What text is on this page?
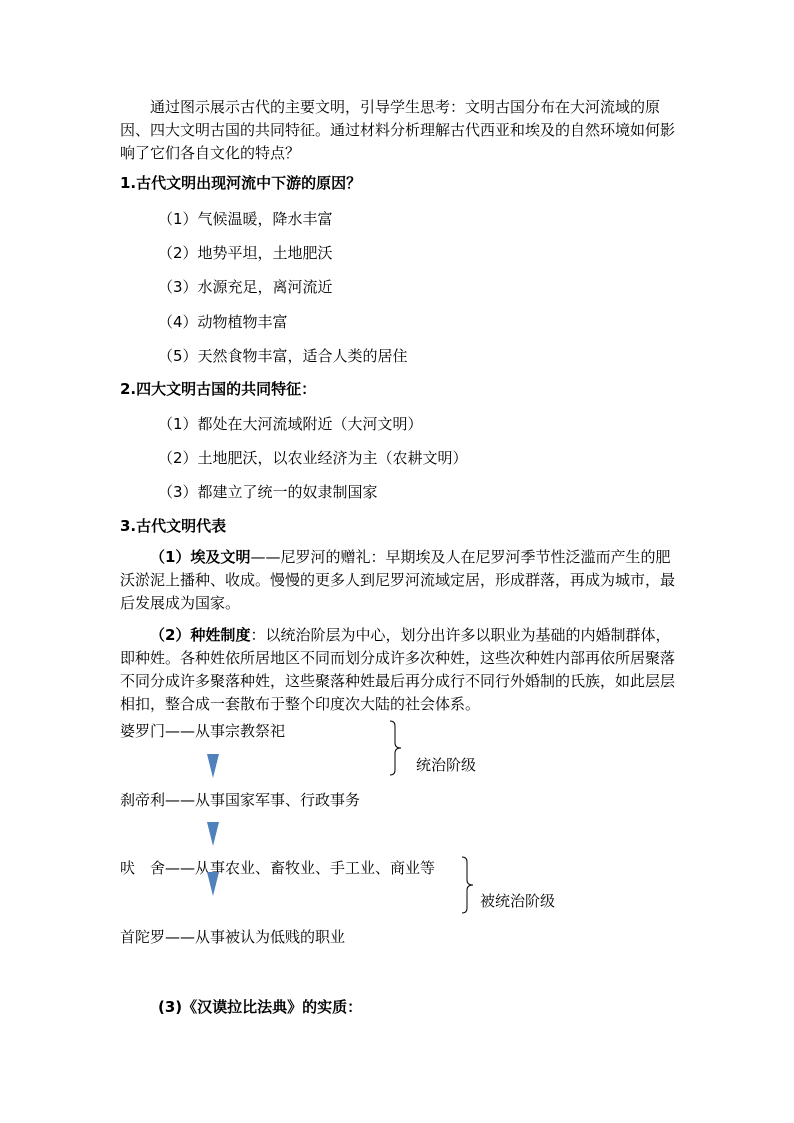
通过图示展示古代的主要文明，引导学生思考：文明古国分布在大河流域的原因、四大文明古国的共同特征。通过材料分析理解古代西亚和埃及的自然环境如何影响了它们各自文化的特点？
1.古代文明出现河流中下游的原因？
（1）气候温暖，降水丰富
（2）地势平坦，土地肥沃
（3）水源充足，离河流近
（4）动物植物丰富
（5）天然食物丰富，适合人类的居住
2.四大文明古国的共同特征：
（1）都处在大河流域附近（大河文明）
（2）土地肥沃，以农业经济为主（农耕文明）
（3）都建立了统一的奴隶制国家
3.古代文明代表
（1）埃及文明——尼罗河的赠礼：早期埃及人在尼罗河季节性泛滥而产生的肥沃淤泥上播种、收成。慢慢的更多人到尼罗河流域定居，形成群落，再成为城市，最后发展成为国家。
（2）种姓制度：以统治阶层为中心，划分出许多以职业为基础的内婚制群体，即种姓。各种姓依所居地区不同而划分成许多次种姓，这些次种姓内部再依所居聚落不同分成许多聚落种姓，这些聚落种姓最后再分成行不同行外婚制的氏族，如此层层相扣，整合成一套散布于整个印度次大陆的社会体系。
婆罗门——从事宗教祭祀
刹帝利——从事国家军事、行政事务
吠　舍——从事农业、畜牧业、手工业、商业等
首陀罗——从事被认为低贱的职业
统治阶级
被统治阶级
(3)《汉谟拉比法典》的实质：
